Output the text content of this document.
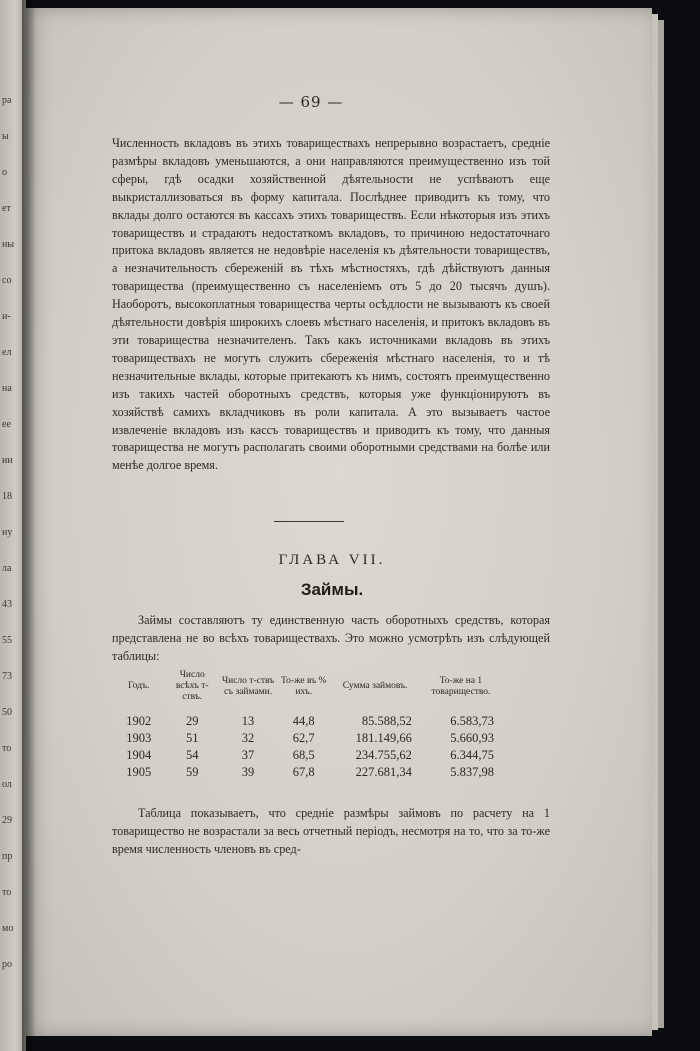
ра
ы
о
ет
ны
со
и-
ел
на
ее
ии
18
ну
ла
43
55
73
50
то
ол
29
пр
то
мо
ро
— 69 —
Численность вкладовъ въ этихъ товариществахъ непрерывно возрастаетъ, средніе размѣры вкладовъ уменьшаются, а они направляются преимущественно изъ той сферы, гдѣ осадки хозяйственной дѣятельности не успѣваютъ еще выкристаллизоваться въ форму капитала. Послѣднее приводитъ къ тому, что вклады долго остаются въ кассахъ этихъ товариществъ. Если нѣкоторыя изъ этихъ товариществъ и страдаютъ недостаткомъ вкладовъ, то причиною недостаточнаго притока вкладовъ является не недовѣріе населенія къ дѣятельности товариществъ, а незначительность сбереженій въ тѣхъ мѣстностяхъ, гдѣ дѣйствуютъ данныя товарищества (преимущественно съ населеніемъ отъ 5 до 20 тысячъ душъ). Наоборотъ, высокоплатныя товарищества черты осѣдлости не вызываютъ къ своей дѣятельности довѣрія широкихъ слоевъ мѣстнаго населенія, и притокъ вкладовъ въ эти товарищества незначителенъ. Такъ какъ источниками вкладовъ въ этихъ товариществахъ не могутъ служить сбереженія мѣстнаго населенія, то и тѣ незначительные вклады, которые притекаютъ къ нимъ, состоятъ преимущественно изъ такихъ частей оборотныхъ средствъ, которыя уже функціонируютъ въ хозяйствѣ самихъ вкладчиковъ въ роли капитала. А это вызываетъ частое извлеченіе вкладовъ изъ кассъ товариществъ и приводитъ къ тому, что данныя товарищества не могутъ располагать своими оборотными средствами на болѣе или менѣе долгое время.
ГЛАВА VII.
Займы.
Займы составляютъ ту единственную часть оборотныхъ средствъ, которая представлена не во всѣхъ товариществахъ. Это можно усмотрѣть изъ слѣдующей таблицы:
Годъ.	Число всѣхъ т-ствъ.	Число т-ствъ съ займами.	То-же въ % ихъ.	Сумма займовъ.	То-же на 1 товарищество.
1902	29	13	44,8	85.588,52	6.583,73
1903	51	32	62,7	181.149,66	5.660,93
1904	54	37	68,5	234.755,62	6.344,75
1905	59	39	67,8	227.681,34	5.837,98
Таблица показываетъ, что средніе размѣры займовъ по расчету на 1 товарищество не возрастали за весь отчетный періодъ, несмотря на то, что за то-же время численность членовъ въ сред-
